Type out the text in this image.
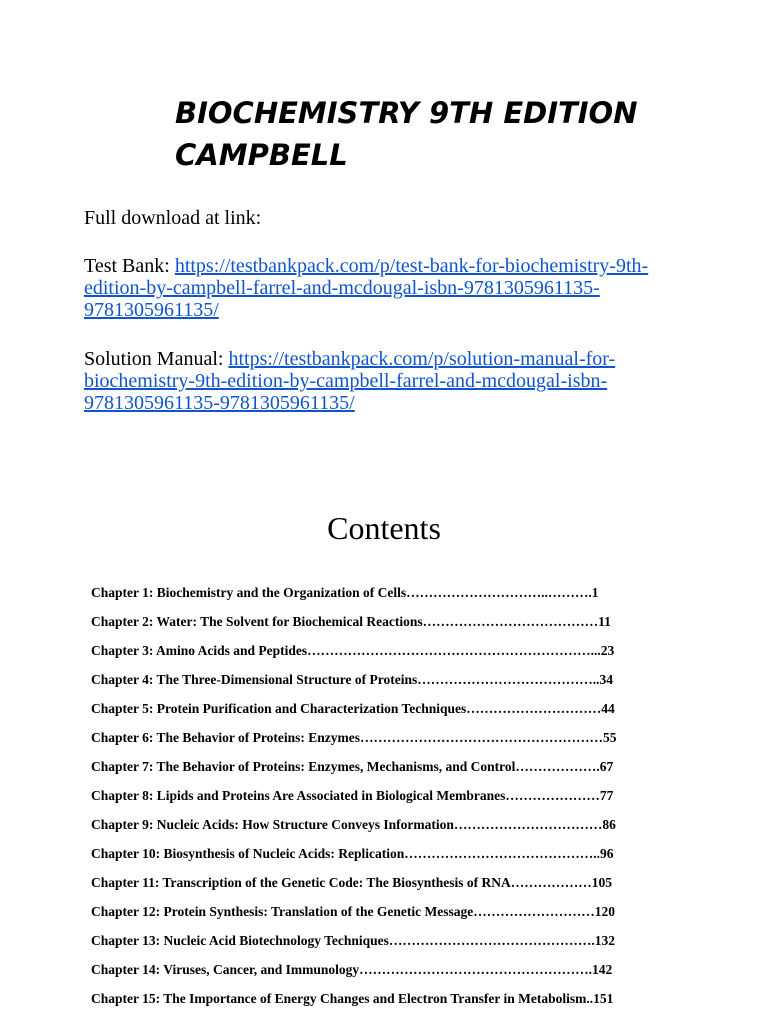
BIOCHEMISTRY 9TH EDITION CAMPBELL

Full download at link:

Test Bank: https://testbankpack.com/p/test-bank-for-biochemistry-9th-edition-by-campbell-farrel-and-mcdougal-isbn-9781305961135-9781305961135/

Solution Manual: https://testbankpack.com/p/solution-manual-for-biochemistry-9th-edition-by-campbell-farrel-and-mcdougal-isbn-9781305961135-9781305961135/

Contents
Chapter 1: Biochemistry and the Organization of Cells…………………………..……….1
Chapter 2: Water: The Solvent for Biochemical Reactions…………………………………11
Chapter 3: Amino Acids and Peptides………………………………………………………...23
Chapter 4: The Three-Dimensional Structure of Proteins…………………………………..34
Chapter 5: Protein Purification and Characterization Techniques…………………………44
Chapter 6: The Behavior of Proteins: Enzymes………………………………………………55
Chapter 7: The Behavior of Proteins: Enzymes, Mechanisms, and Control……………….67
Chapter 8: Lipids and Proteins Are Associated in Biological Membranes…………………77
Chapter 9: Nucleic Acids: How Structure Conveys Information……………………………86
Chapter 10: Biosynthesis of Nucleic Acids: Replication……………………………………..96
Chapter 11: Transcription of the Genetic Code: The Biosynthesis of RNA………………105
Chapter 12: Protein Synthesis: Translation of the Genetic Message………………………120
Chapter 13: Nucleic Acid Biotechnology Techniques……………………………………….132
Chapter 14: Viruses, Cancer, and Immunology…………………………………………….142
Chapter 15: The Importance of Energy Changes and Electron Transfer in Metabolism..151
